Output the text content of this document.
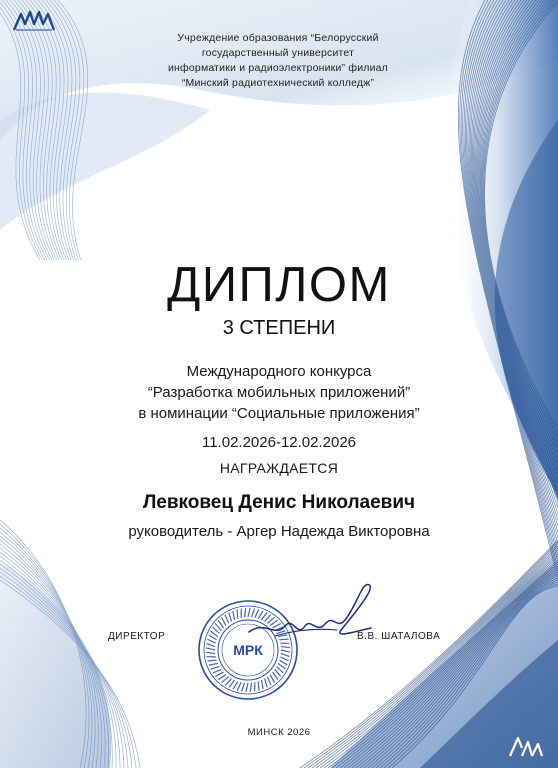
Учреждение образования “Белорусский
государственный университет
информатики и радиоэлектроники” филиал
“Минский радиотехнический колледж”
ДИПЛОМ
3 СТЕПЕНИ
Международного конкурса
“Разработка мобильных приложений”
в номинации “Социальные приложения”
11.02.2026-12.02.2026
НАГРАЖДАЕТСЯ
Левковец Денис Николаевич
руководитель - Аргер Надежда Викторовна
ДИРЕКТОР	В.В. ШАТАЛОВА
МРК
МИНСК 2026
